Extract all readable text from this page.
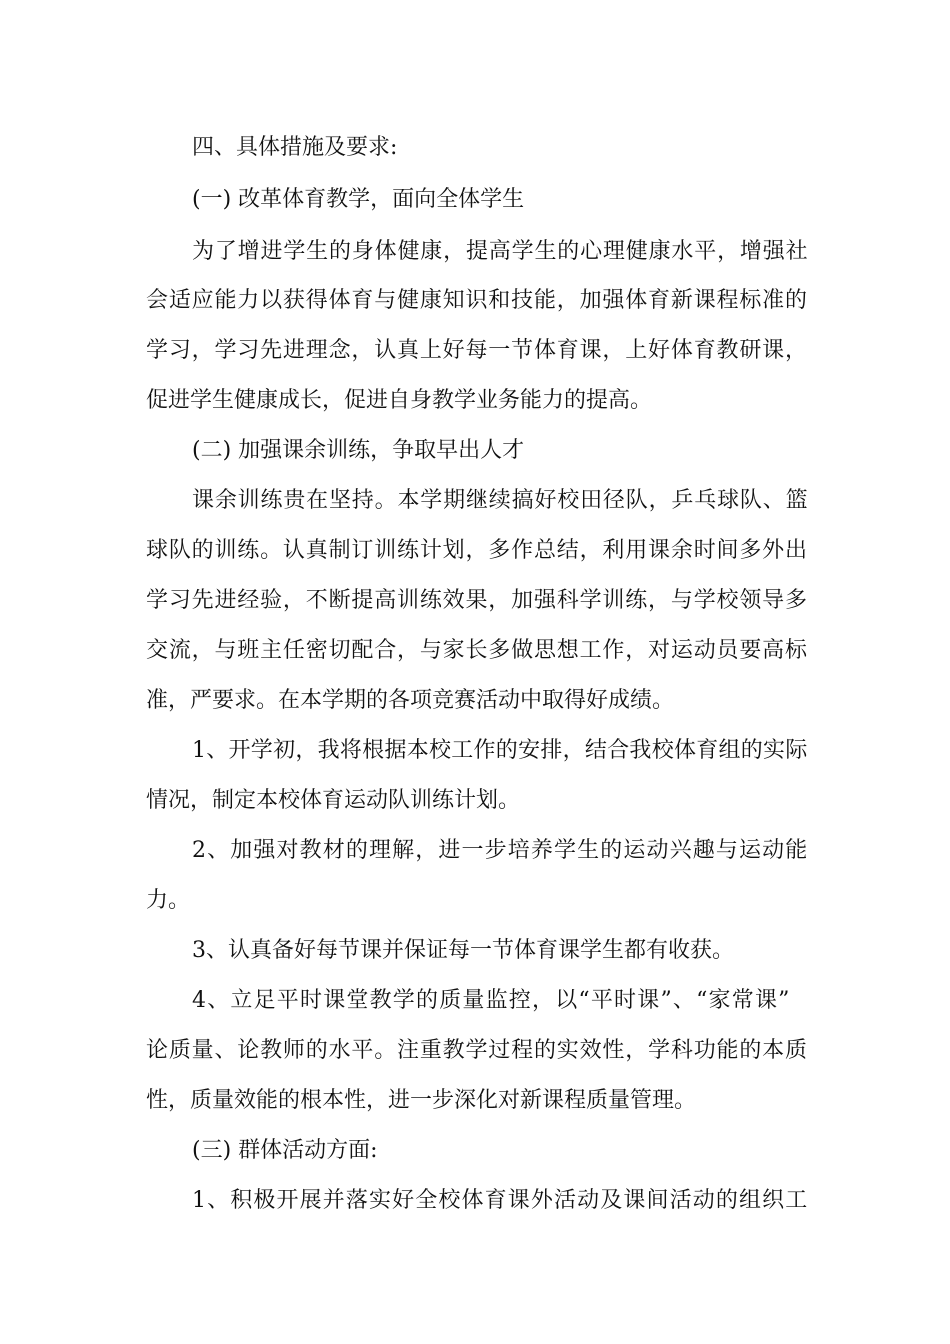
四、具体措施及要求:
(一) 改革体育教学，面向全体学生
为了增进学生的身体健康，提高学生的心理健康水平，增强社
会适应能力以获得体育与健康知识和技能，加强体育新课程标准的
学习，学习先进理念，认真上好每一节体育课，上好体育教研课，
促进学生健康成长，促进自身教学业务能力的提高。
(二) 加强课余训练，争取早出人才
课余训练贵在坚持。本学期继续搞好校田径队，乒乓球队、篮
球队的训练。认真制订训练计划，多作总结，利用课余时间多外出
学习先进经验，不断提高训练效果，加强科学训练，与学校领导多
交流，与班主任密切配合，与家长多做思想工作，对运动员要高标
准，严要求。在本学期的各项竞赛活动中取得好成绩。
1、开学初，我将根据本校工作的安排，结合我校体育组的实际
情况，制定本校体育运动队训练计划。
2、加强对教材的理解，进一步培养学生的运动兴趣与运动能
力。
3、认真备好每节课并保证每一节体育课学生都有收获。
4、立足平时课堂教学的质量监控，以“平时课”、“家常课”
论质量、论教师的水平。注重教学过程的实效性，学科功能的本质
性，质量效能的根本性，进一步深化对新课程质量管理。
(三) 群体活动方面:
1、积极开展并落实好全校体育课外活动及课间活动的组织工
